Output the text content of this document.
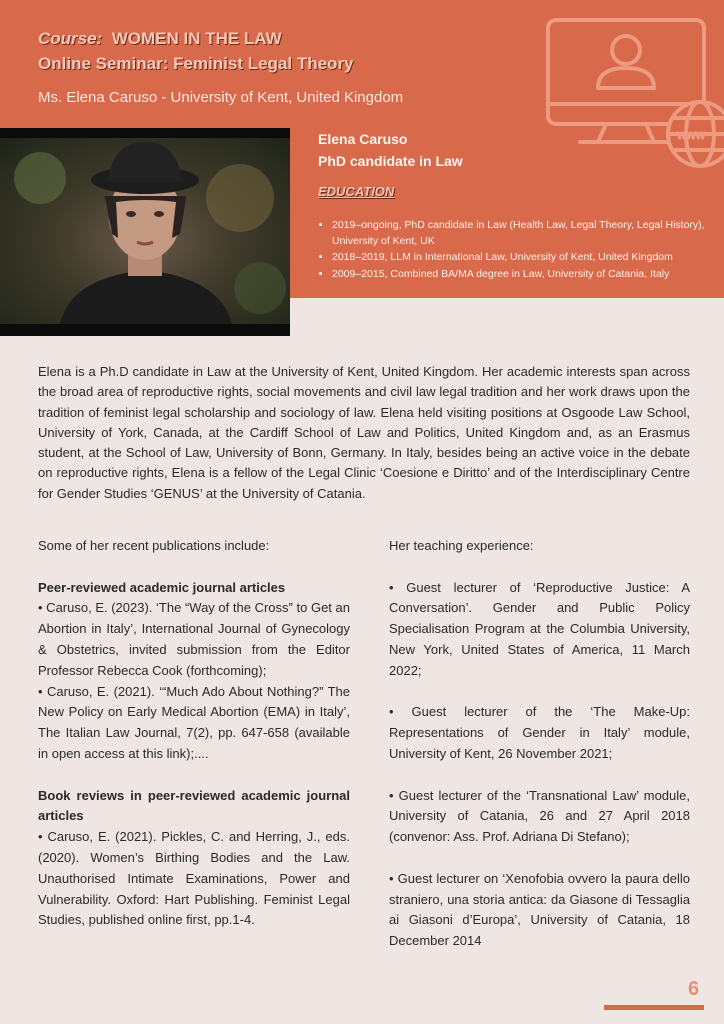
Course: WOMEN IN THE LAW
Online Seminar: Feminist Legal Theory
Ms. Elena Caruso - University of Kent, United Kingdom
www
Elena Caruso
PhD candidate in Law
EDUCATION
• 2019–ongoing, PhD candidate in Law (Health Law, Legal Theory, Legal History), University of Kent, UK
• 2018–2019, LLM in International Law, University of Kent, United Kingdom
• 2009–2015, Combined BA/MA degree in Law, University of Catania, Italy
Elena is a Ph.D candidate in Law at the University of Kent, United Kingdom. Her academic interests span across the broad area of reproductive rights, social movements and civil law legal tradition and her work draws upon the tradition of feminist legal scholarship and sociology of law. Elena held visiting positions at Osgoode Law School, University of York, Canada, at the Cardiff School of Law and Politics, United Kingdom and, as an Erasmus student, at the School of Law, University of Bonn, Germany. In Italy, besides being an active voice in the debate on reproductive rights, Elena is a fellow of the Legal Clinic ‘Coesione e Diritto’ and of the Interdisciplinary Centre for Gender Studies ‘GENUS’ at the University of Catania.

Some of her recent publications include:

Peer-reviewed academic journal articles

• Caruso, E. (2023). ‘The “Way of the Cross” to Get an Abortion in Italy’, International Journal of Gynecology & Obstetrics, invited submission from the Editor Professor Rebecca Cook (forthcoming);

• Caruso, E. (2021). ‘“Much Ado About Nothing?” The New Policy on Early Medical Abortion (EMA) in Italy’, The Italian Law Journal, 7(2), pp. 647-658 (available in open access at this link);....

Book reviews in peer-reviewed academic journal articles

• Caruso, E. (2021). Pickles, C. and Herring, J., eds. (2020). Women’s Birthing Bodies and the Law. Unauthorised Intimate Examinations, Power and Vulnerability. Oxford: Hart Publishing. Feminist Legal Studies, published online first, pp.1-4.

Her teaching experience:

• Guest lecturer of ‘Reproductive Justice: A Conversation’. Gender and Public Policy Specialisation Program at the Columbia University, New York, United States of America, 11 March 2022;

• Guest lecturer of the ‘The Make-Up: Representations of Gender in Italy’ module, University of Kent, 26 November 2021;

• Guest lecturer of the ‘Transnational Law’ module, University of Catania, 26 and 27 April 2018 (convenor: Ass. Prof. Adriana Di Stefano);

• Guest lecturer on ‘Xenofobia ovvero la paura dello straniero, una storia antica: da Giasone di Tessaglia ai Giasoni d’Europa’, University of Catania, 18 December 2014

6
